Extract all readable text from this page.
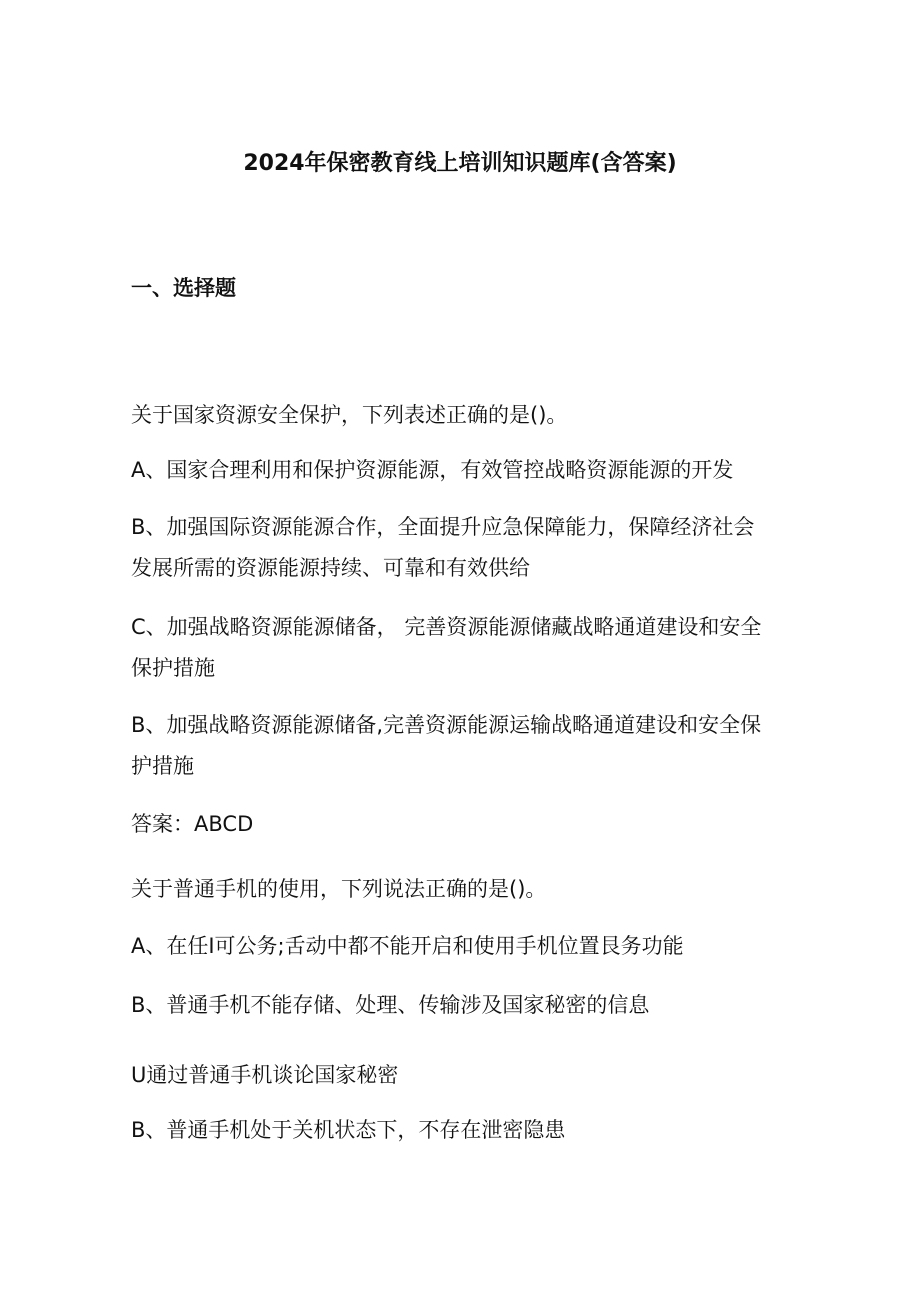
2024年保密教育线上培训知识题库(含答案)
一、选择题
关于国家资源安全保护，下列表述正确的是()。
A、国家合理利用和保护资源能源，有效管控战略资源能源的开发
B、加强国际资源能源合作，全面提升应急保障能力，保障经济社会
发展所需的资源能源持续、可靠和有效供给
C、加强战略资源能源储备， 完善资源能源储藏战略通道建设和安全
保护措施
B、加强战略资源能源储备,完善资源能源运输战略通道建设和安全保
护措施
答案：ABCD
关于普通手机的使用，下列说法正确的是()。
A、在任I可公务;舌动中都不能开启和使用手机位置艮务功能
B、普通手机不能存储、处理、传输涉及国家秘密的信息
U通过普通手机谈论国家秘密
B、普通手机处于关机状态下，不存在泄密隐患
